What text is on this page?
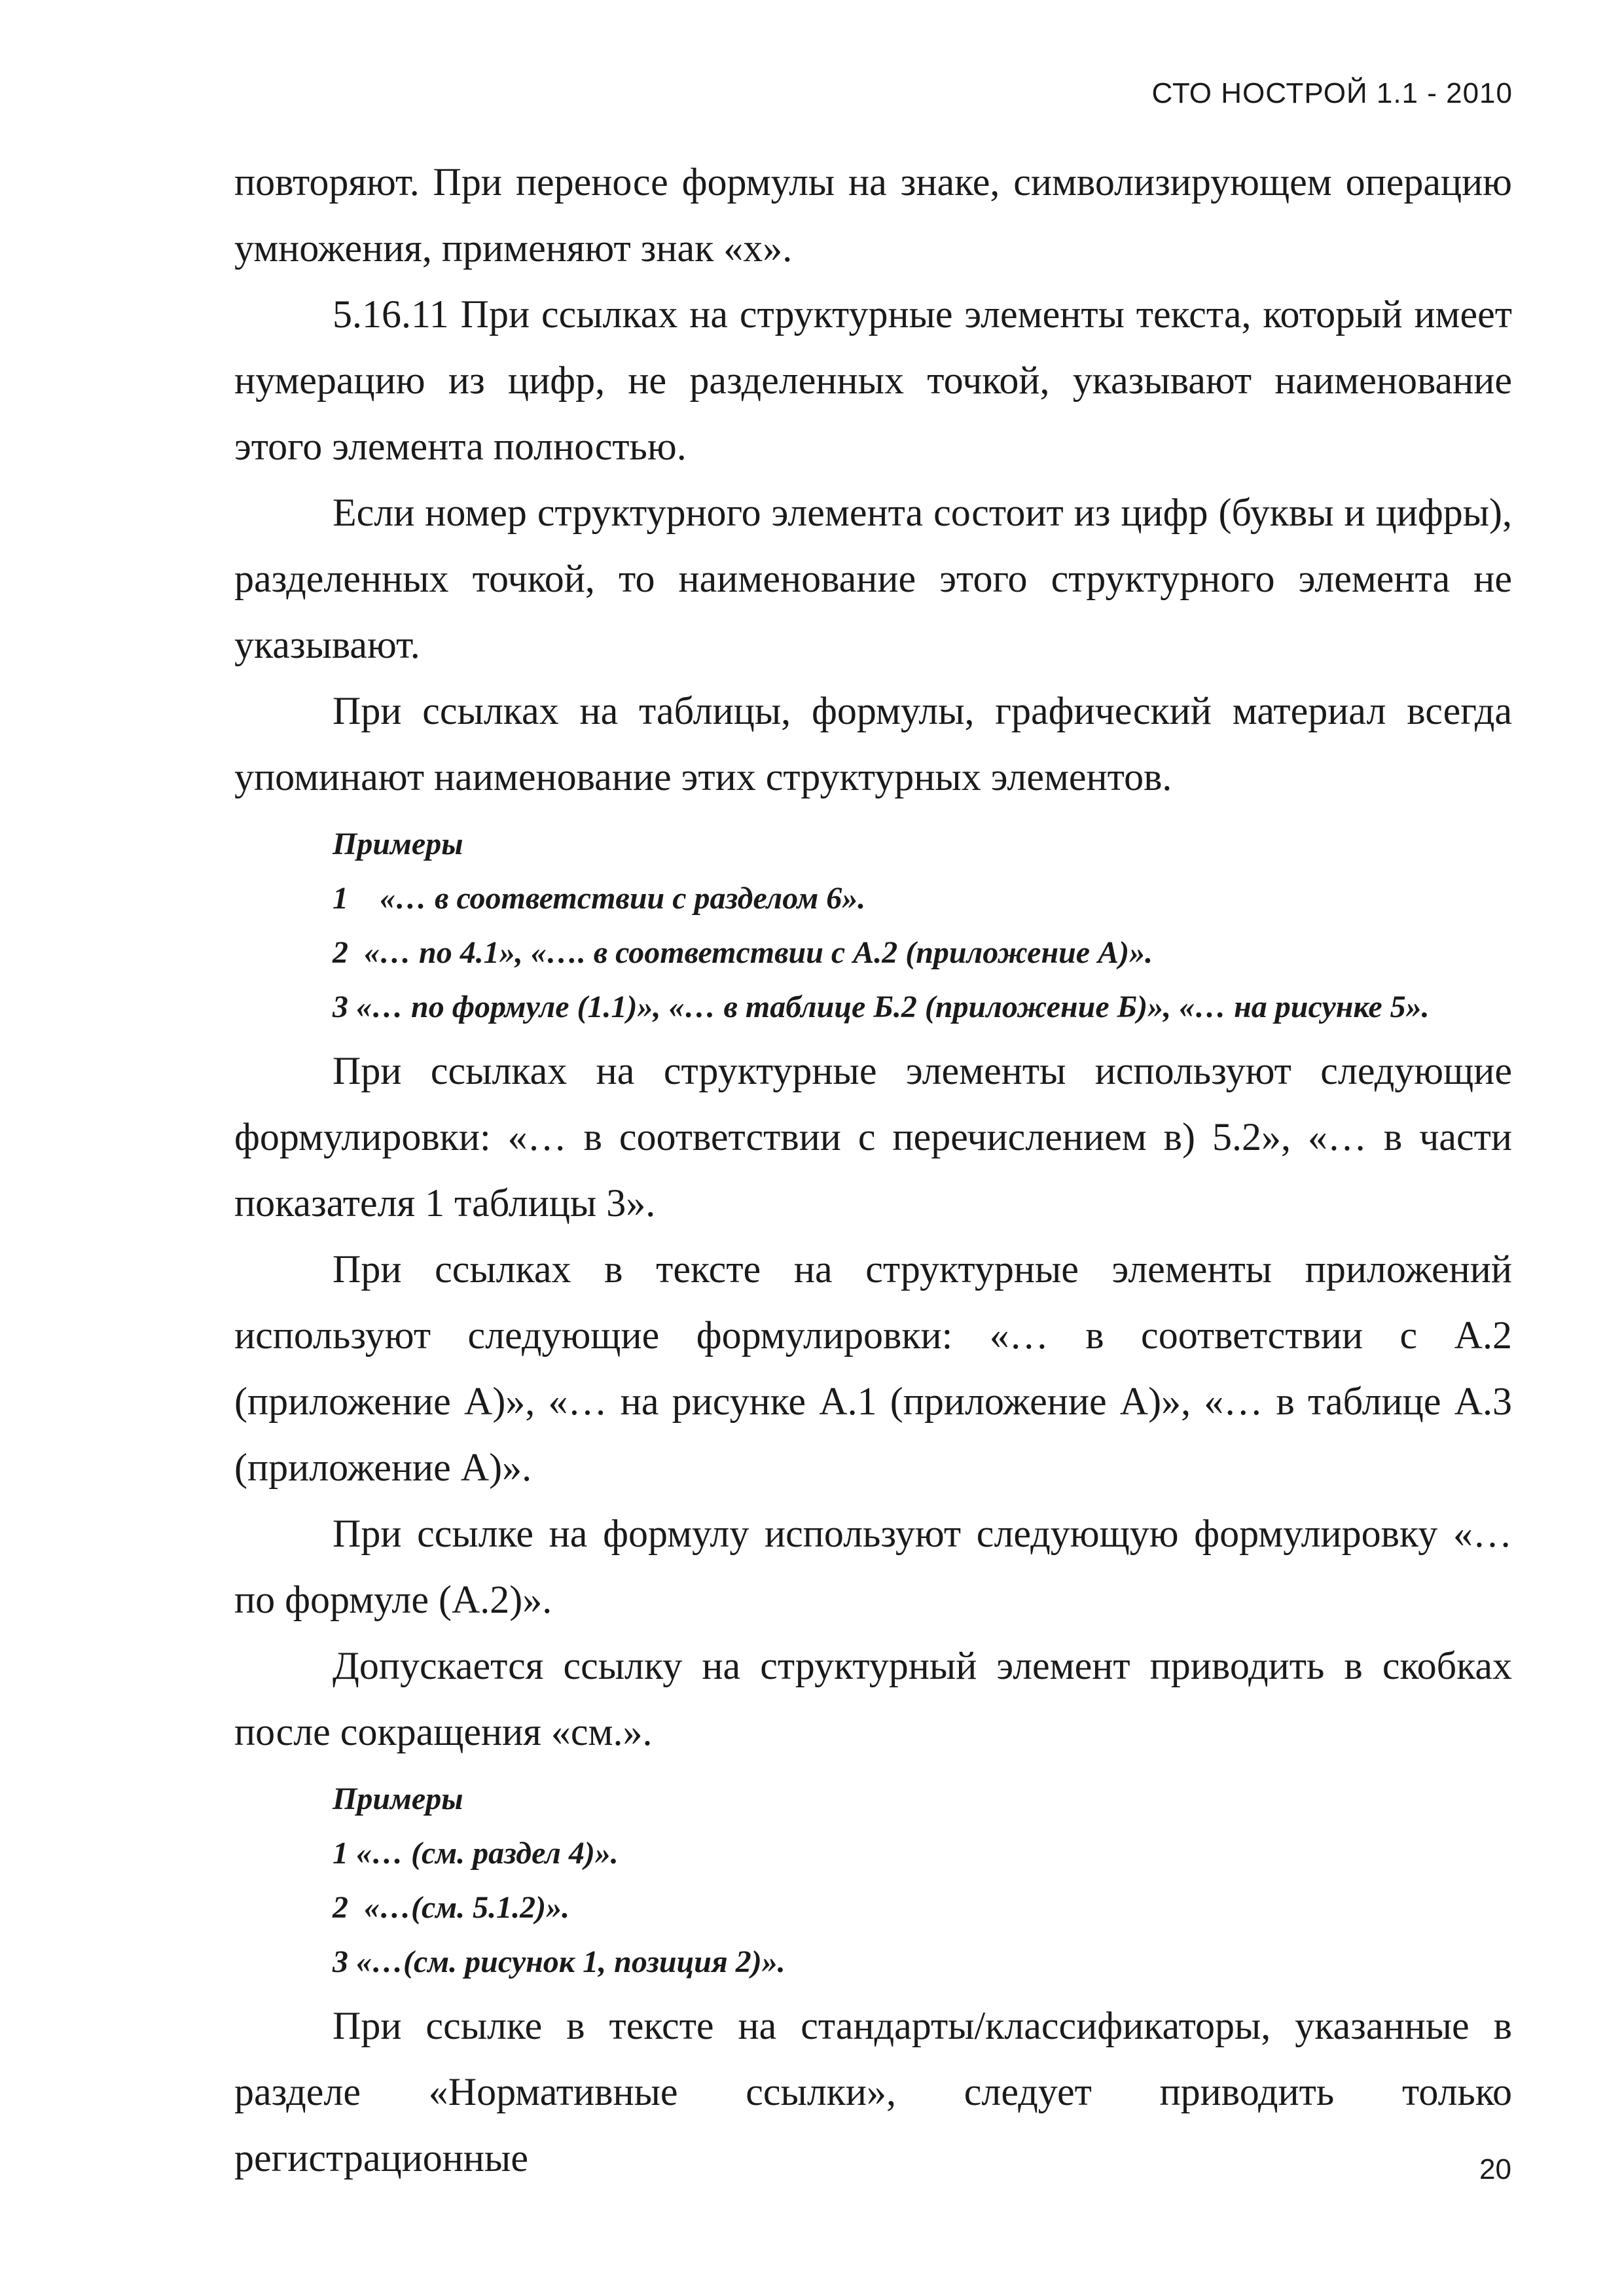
СТО НОСТРОЙ 1.1 - 2010

повторяют. При переносе формулы на знаке, символизирующем операцию умножения, применяют знак «х».

5.16.11 При ссылках на структурные элементы текста, который имеет нумерацию из цифр, не разделенных точкой, указывают наименование этого элемента полностью.

Если номер структурного элемента состоит из цифр (буквы и цифры), разделенных точкой, то наименование этого структурного элемента не указывают.

При ссылках на таблицы, формулы, графический материал всегда упоминают наименование этих структурных элементов.

Примеры
1    «… в соответствии с разделом 6».
2  «… по 4.1», «…. в соответствии с А.2 (приложение А)».
3 «… по формуле (1.1)», «… в таблице Б.2 (приложение Б)», «… на рисунке 5».

При ссылках на структурные элементы используют следующие формулировки: «… в соответствии с перечислением в) 5.2», «… в части показателя 1 таблицы 3».

При ссылках в тексте на структурные элементы приложений используют следующие формулировки: «… в соответствии с А.2 (приложение А)», «… на рисунке А.1 (приложение А)», «… в таблице А.3 (приложение А)».

При ссылке на формулу используют следующую формулировку «… по формуле (А.2)».

Допускается ссылку на структурный элемент приводить в скобках после сокращения «см.».

Примеры
1 «… (см. раздел 4)».
2  «…(см. 5.1.2)».
3 «…(см. рисунок 1, позиция 2)».

При ссылке в тексте на стандарты/классификаторы, указанные в разделе «Нормативные ссылки», следует приводить только регистрационные	20
